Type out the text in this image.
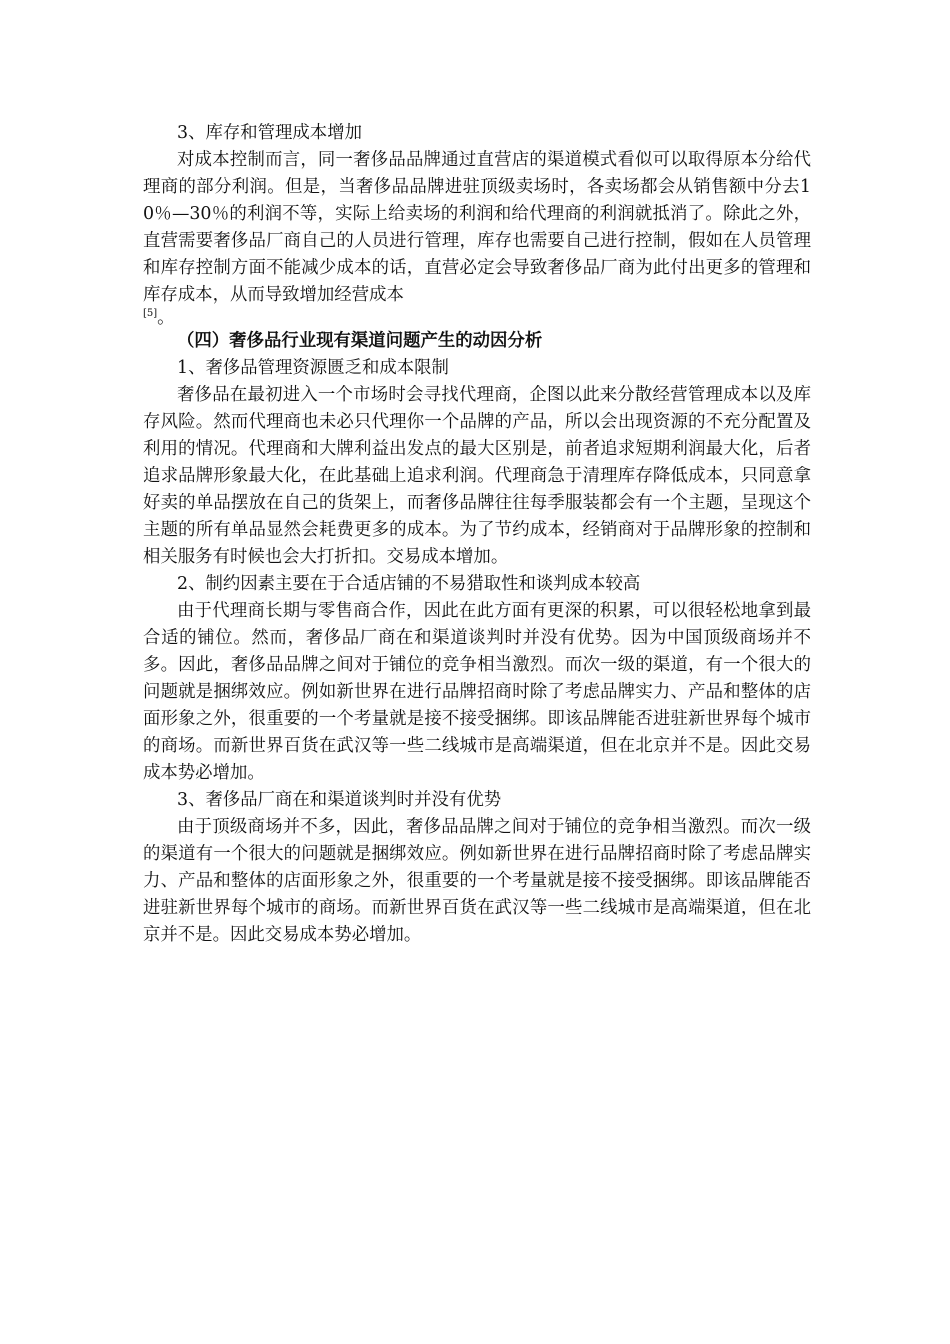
3、库存和管理成本增加

对成本控制而言，同一奢侈品品牌通过直营店的渠道模式看似可以取得原本分给代理商的部分利润。但是，当奢侈品品牌进驻顶级卖场时，各卖场都会从销售额中分去10％—30％的利润不等，实际上给卖场的利润和给代理商的利润就抵消了。除此之外，直营需要奢侈品厂商自己的人员进行管理，库存也需要自己进行控制，假如在人员管理和库存控制方面不能减少成本的话，直营必定会导致奢侈品厂商为此付出更多的管理和库存成本，从而导致增加经营成本

[5]。

（四）奢侈品行业现有渠道问题产生的动因分析

1、奢侈品管理资源匮乏和成本限制

奢侈品在最初进入一个市场时会寻找代理商，企图以此来分散经营管理成本以及库存风险。然而代理商也未必只代理你一个品牌的产品，所以会出现资源的不充分配置及利用的情况。代理商和大牌利益出发点的最大区别是，前者追求短期利润最大化，后者追求品牌形象最大化，在此基础上追求利润。代理商急于清理库存降低成本，只同意拿好卖的单品摆放在自己的货架上，而奢侈品牌往往每季服装都会有一个主题，呈现这个主题的所有单品显然会耗费更多的成本。为了节约成本，经销商对于品牌形象的控制和相关服务有时候也会大打折扣。交易成本增加。

2、制约因素主要在于合适店铺的不易猎取性和谈判成本较高

由于代理商长期与零售商合作，因此在此方面有更深的积累，可以很轻松地拿到最合适的铺位。然而，奢侈品厂商在和渠道谈判时并没有优势。因为中国顶级商场并不多。因此，奢侈品品牌之间对于铺位的竞争相当激烈。而次一级的渠道，有一个很大的问题就是捆绑效应。例如新世界在进行品牌招商时除了考虑品牌实力、产品和整体的店面形象之外，很重要的一个考量就是接不接受捆绑。即该品牌能否进驻新世界每个城市的商场。而新世界百货在武汉等一些二线城市是高端渠道，但在北京并不是。因此交易成本势必增加。

3、奢侈品厂商在和渠道谈判时并没有优势

由于顶级商场并不多，因此，奢侈品品牌之间对于铺位的竞争相当激烈。而次一级的渠道有一个很大的问题就是捆绑效应。例如新世界在进行品牌招商时除了考虑品牌实力、产品和整体的店面形象之外，很重要的一个考量就是接不接受捆绑。即该品牌能否进驻新世界每个城市的商场。而新世界百货在武汉等一些二线城市是高端渠道，但在北京并不是。因此交易成本势必增加。
